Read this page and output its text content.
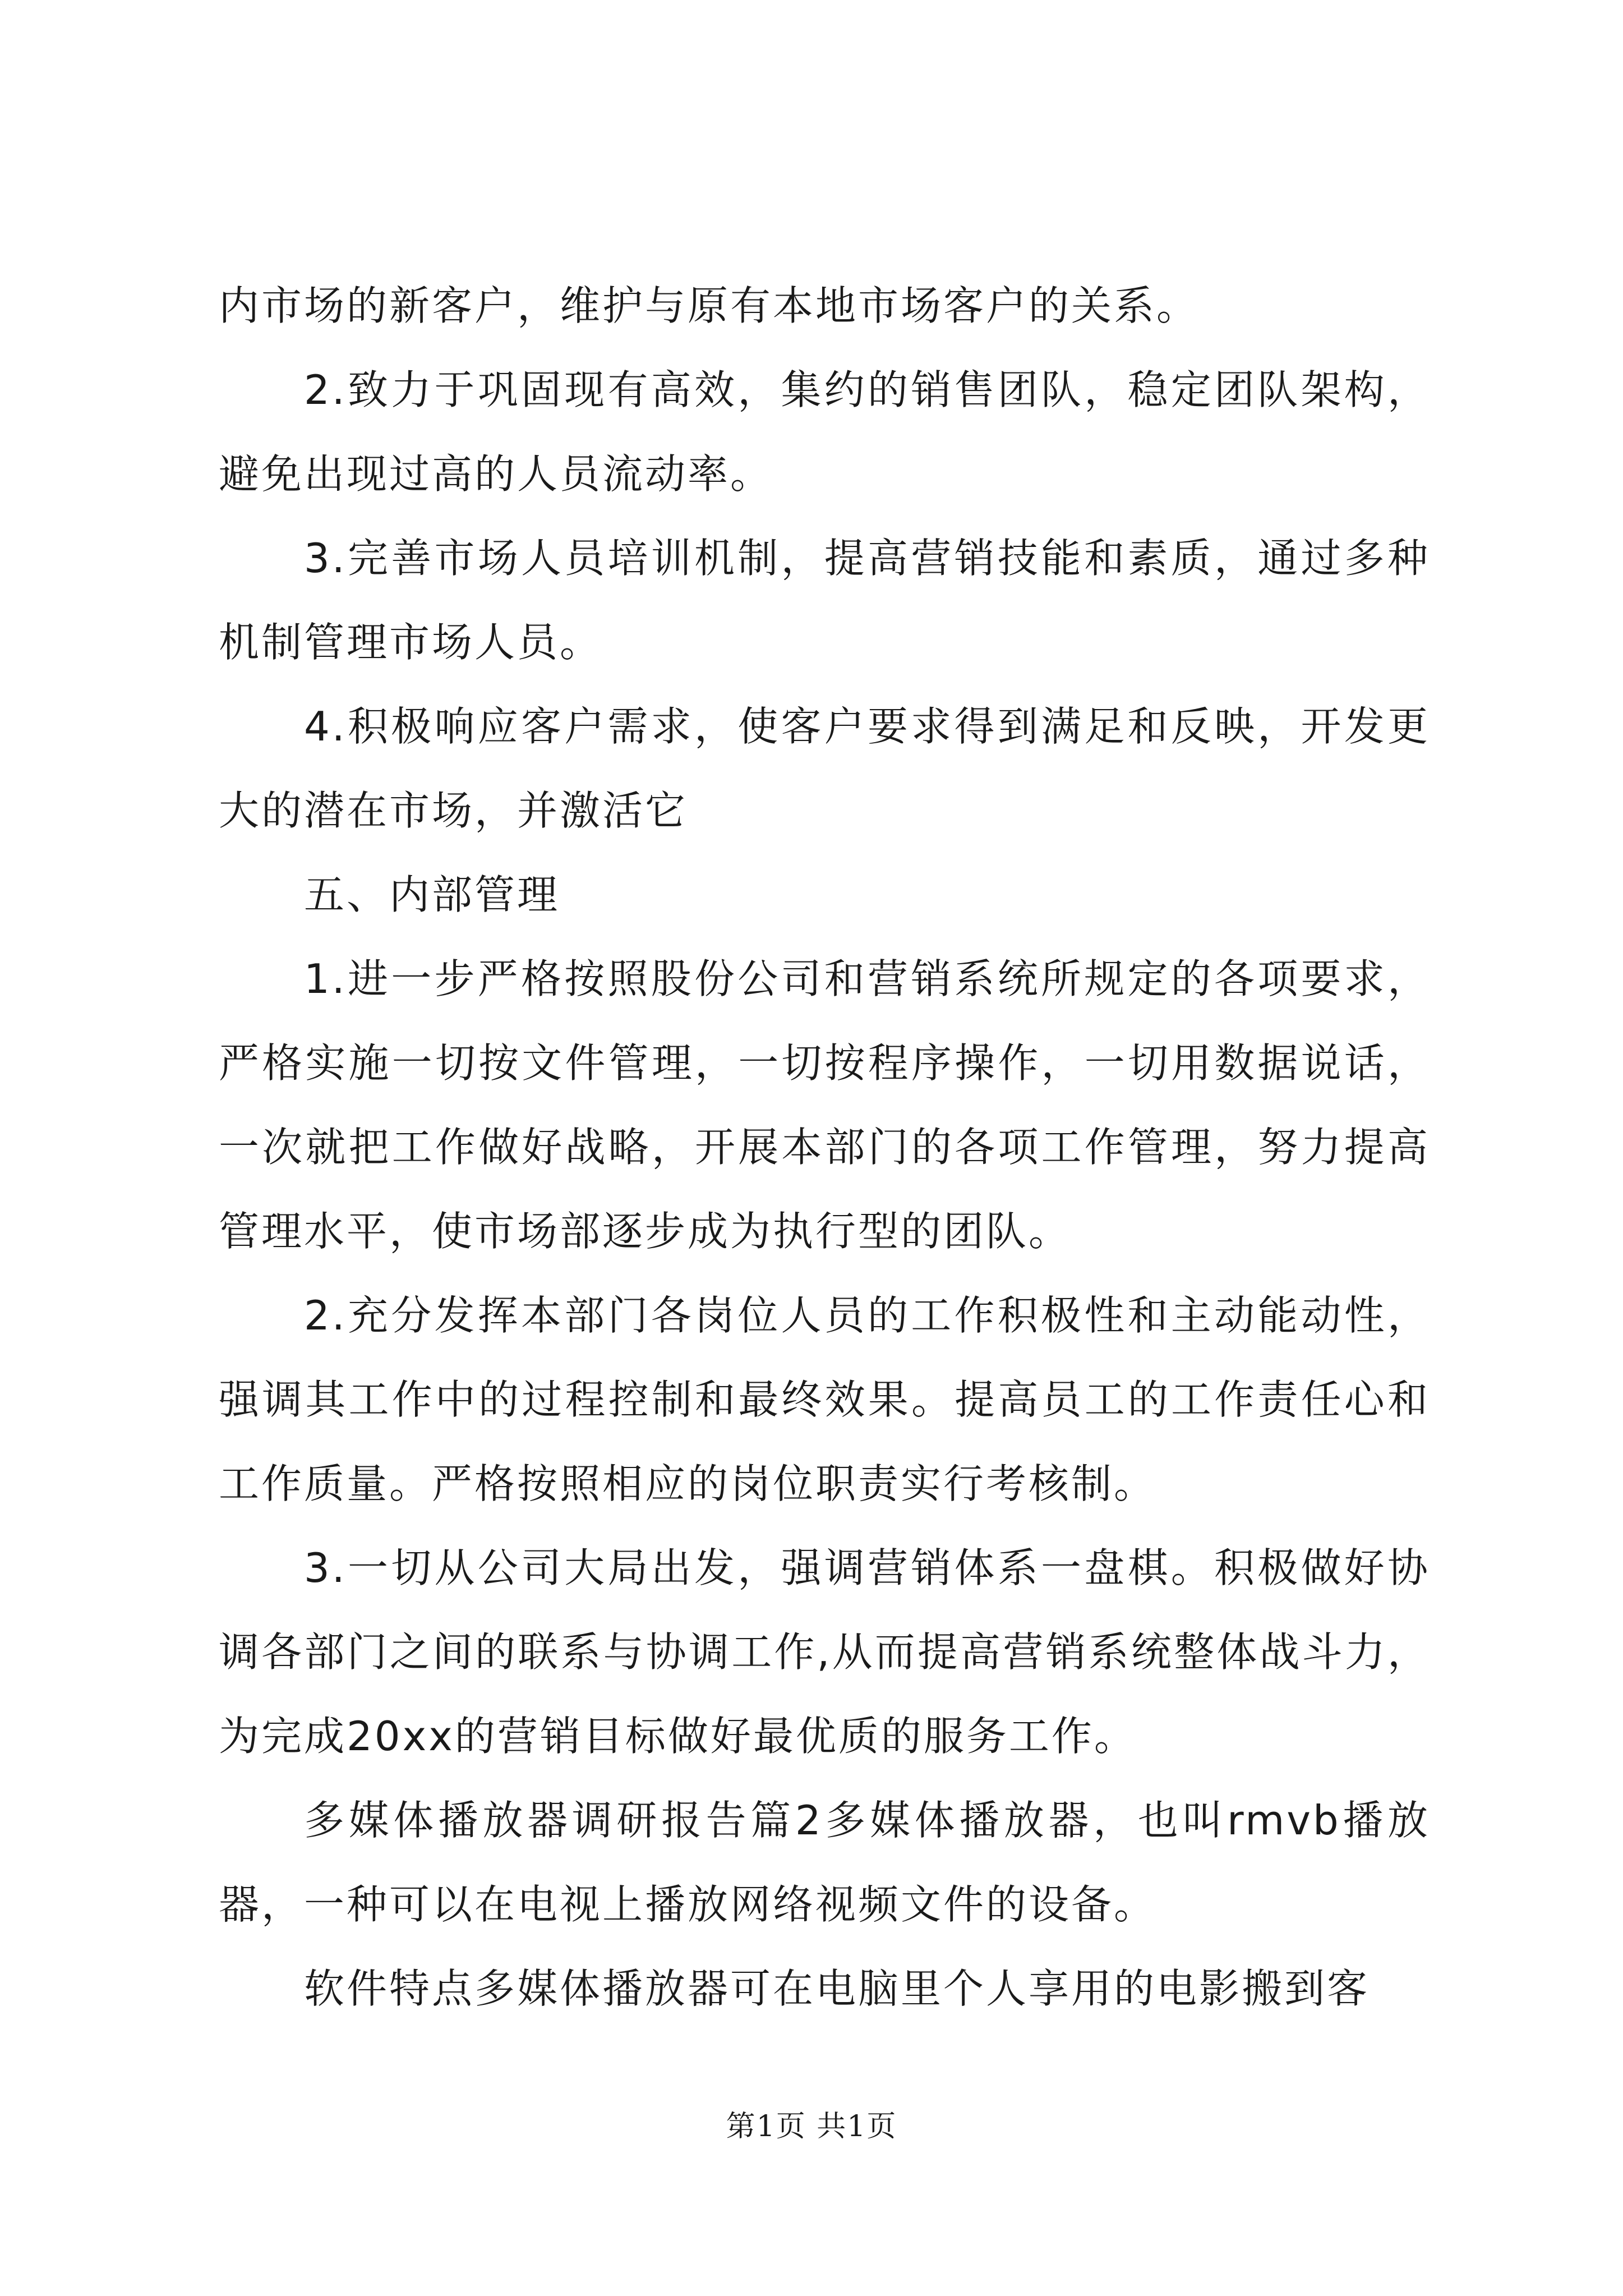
内市场的新客户，维护与原有本地市场客户的关系。

2.致力于巩固现有高效，集约的销售团队，稳定团队架构，避免出现过高的人员流动率。

3.完善市场人员培训机制，提高营销技能和素质，通过多种机制管理市场人员。

4.积极响应客户需求，使客户要求得到满足和反映，开发更大的潜在市场，并激活它

五、内部管理

1.进一步严格按照股份公司和营销系统所规定的各项要求，严格实施一切按文件管理，一切按程序操作，一切用数据说话，一次就把工作做好战略，开展本部门的各项工作管理，努力提高管理水平，使市场部逐步成为执行型的团队。

2.充分发挥本部门各岗位人员的工作积极性和主动能动性，强调其工作中的过程控制和最终效果。提高员工的工作责任心和工作质量。严格按照相应的岗位职责实行考核制。

3.一切从公司大局出发，强调营销体系一盘棋。积极做好协调各部门之间的联系与协调工作,从而提高营销系统整体战斗力，为完成20xx的营销目标做好最优质的服务工作。

多媒体播放器调研报告篇2多媒体播放器，也叫rmvb播放器，一种可以在电视上播放网络视频文件的设备。

软件特点多媒体播放器可在电脑里个人享用的电影搬到客

第1页 共1页
